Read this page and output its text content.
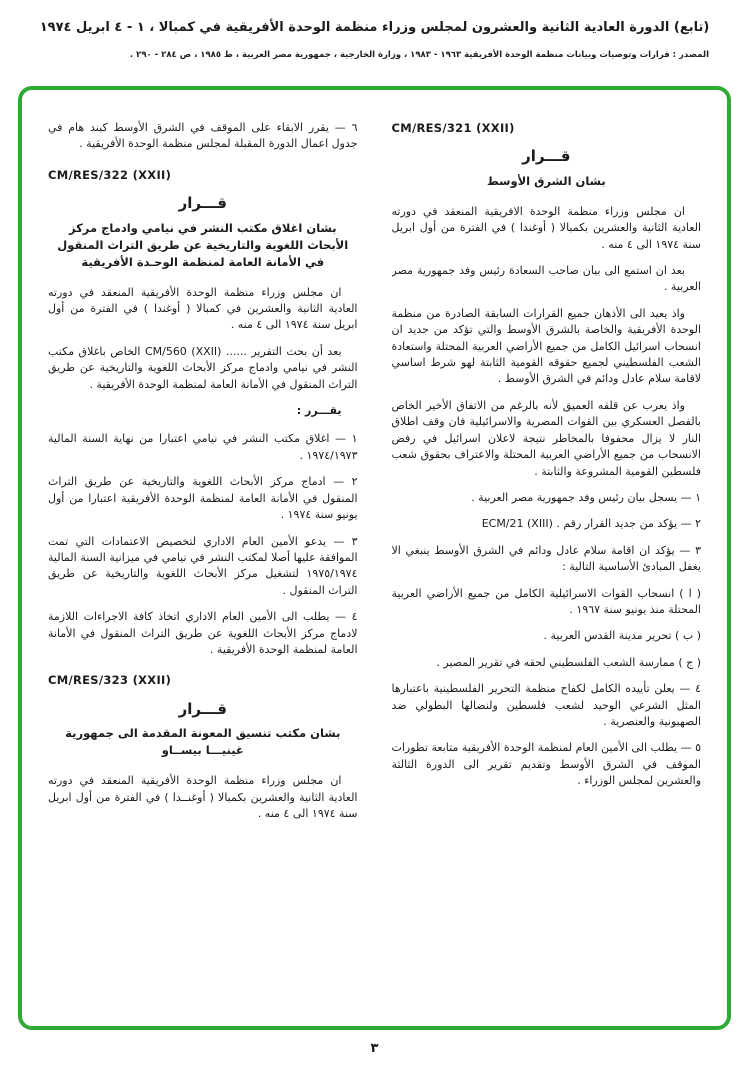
(تابع) الدورة العادية الثانية والعشرون لمجلس وزراء منظمة الوحدة الأفريقية في كمبالا ، ١ - ٤ ابريل ١٩٧٤
المصدر : قرارات وتوصيات وبيانات منظمة الوحدة الأفريقية ١٩٦٣ - ١٩٨٣ ، وزارة الخارجية ، جمهورية مصر العربية ، ط ١٩٨٥ ، ص ٢٨٤ - ٢٩٠ .
CM/RES/321 (XXII)
قـــرار
بشان الشرق الأوسط
ان مجلس وزراء منظمة الوحدة الافريقية المنعقد في دورته العادية الثانية والعشرين بكمبالا ( أوغندا ) في الفترة من أول ابريل سنة ١٩٧٤ الى ٤ منه .
بعد ان استمع الى بيان صاحب السعادة رئيس وفد جمهورية مصر العربية .
واذ يعيد الى الأذهان جميع القرارات السابقة الصادرة من منظمة الوحدة الأفريقية والخاصة بالشرق الأوسط والتي تؤكد من جديد ان انسحاب اسرائيل الكامل من جميع الأراضي العربية المحتلة واستعادة الشعب الفلسطيني لجميع حقوقه القومية الثابتة لهو شرط اساسي لاقامة سلام عادل ودائم في الشرق الأوسط .
واذ يعرب عن قلقه العميق لأنه بالرغم من الاتفاق الأخير الخاص بالفصل العسكري بين القوات المصرية والاسرائيلية فان وقف اطلاق النار لا يزال محفوفا بالمخاطر نتيجة لاعلان اسرائيل في رفض الانسحاب من جميع الأراضي العربية المحتلة والاعتراف بحقوق شعب فلسطين القومية المشروعة والثابتة .
١ — يسجل بيان رئيس وفد جمهورية مصر العربية .
٢ — يؤكد من جديد القرار رقم . ECM/21 (XIII)
٣ — يؤكد ان اقامة سلام عادل ودائم في الشرق الأوسط ينبغي الا يغفل المبادئ الأساسية التالية :
( ا ) انسحاب القوات الاسرائيلية الكامل من جميع الأراضي العربية المحتلة منذ يونيو سنة ١٩٦٧ .
( ب ) تحرير مدينة القدس العربية .
( ج ) ممارسة الشعب الفلسطيني لحقه في تقرير المصير .
٤ — يعلن تأييده الكامل لكفاح منظمة التحرير الفلسطينية باعتبارها المثل الشرعي الوحيد لشعب فلسطين ولنضالها البطولي ضد الصهيونية والعنصرية .
٥ — يطلب الى الأمين العام لمنظمة الوحدة الأفريقية متابعة تطورات الموقف في الشرق الأوسط وتقديم تقرير الى الدورة الثالثة والعشرين لمجلس الوزراء .
٦ — يقرر الابقاء على الموقف في الشرق الأوسط كبند هام في جدول اعمال الدورة المقبلة لمجلس منظمة الوحدة الأفريقية .
CM/RES/322 (XXII)
قـــرار
بشان اغلاق مكتب النشر في نيامي وادماج مركز الأبحاث اللغوية والتاريخية عن طريق التراث المنقول في الأمانة العامة لمنظمة الوحـدة الأفريقية
ان مجلس وزراء منظمة الوحدة الأفريقية المنعقد في دورته العادية الثانية والعشرين في كمبالا ( أوغندا ) في الفترة من أول ابريل سنة ١٩٧٤ الى ٤ منه .
بعد أن بحث التقرير ...... CM/560 (XXII) الخاص باغلاق مكتب النشر في نيامي وادماج مركز الأبحاث اللغوية والتاريخية عن طريق التراث المنقول في الأمانة العامة لمنظمة الوحدة الأفريقية .
يقـــرر :
١ — اغلاق مكتب النشر في نيامي اعتبارا من نهاية السنة المالية ١٩٧٤/١٩٧٣ .
٢ — ادماج مركز الأبحاث اللغوية والتاريخية عن طريق التراث المنقول في الأمانة العامة لمنظمة الوحدة الأفريقية اعتبارا من أول يونيو سنة ١٩٧٤ .
٣ — يدعو الأمين العام الاداري لتخصيص الاعتمادات التي تمت الموافقة عليها أصلا لمكتب النشر في نيامي في ميزانية السنة المالية ١٩٧٥/١٩٧٤ لتشغيل مركز الأبحاث اللغوية والتاريخية عن طريق التراث المنقول .
٤ — يطلب الى الأمين العام الاداري اتخاذ كافة الاجراءات اللازمة لادماج مركز الأبحاث اللغوية عن طريق التراث المنقول في الأمانة العامة لمنظمة الوحدة الأفريقية .
CM/RES/323 (XXII)
قـــرار
بشان مكتب تنسيق المعونة المقدمة الى جمهورية غينيـــا بيســاو
ان مجلس وزراء منظمة الوحدة الأفريقية المنعقد في دورته العادية الثانية والعشرين بكمبالا ( أوغنــدا ) في الفترة من أول ابريل سنة ١٩٧٤ الى ٤ منه .
٣
